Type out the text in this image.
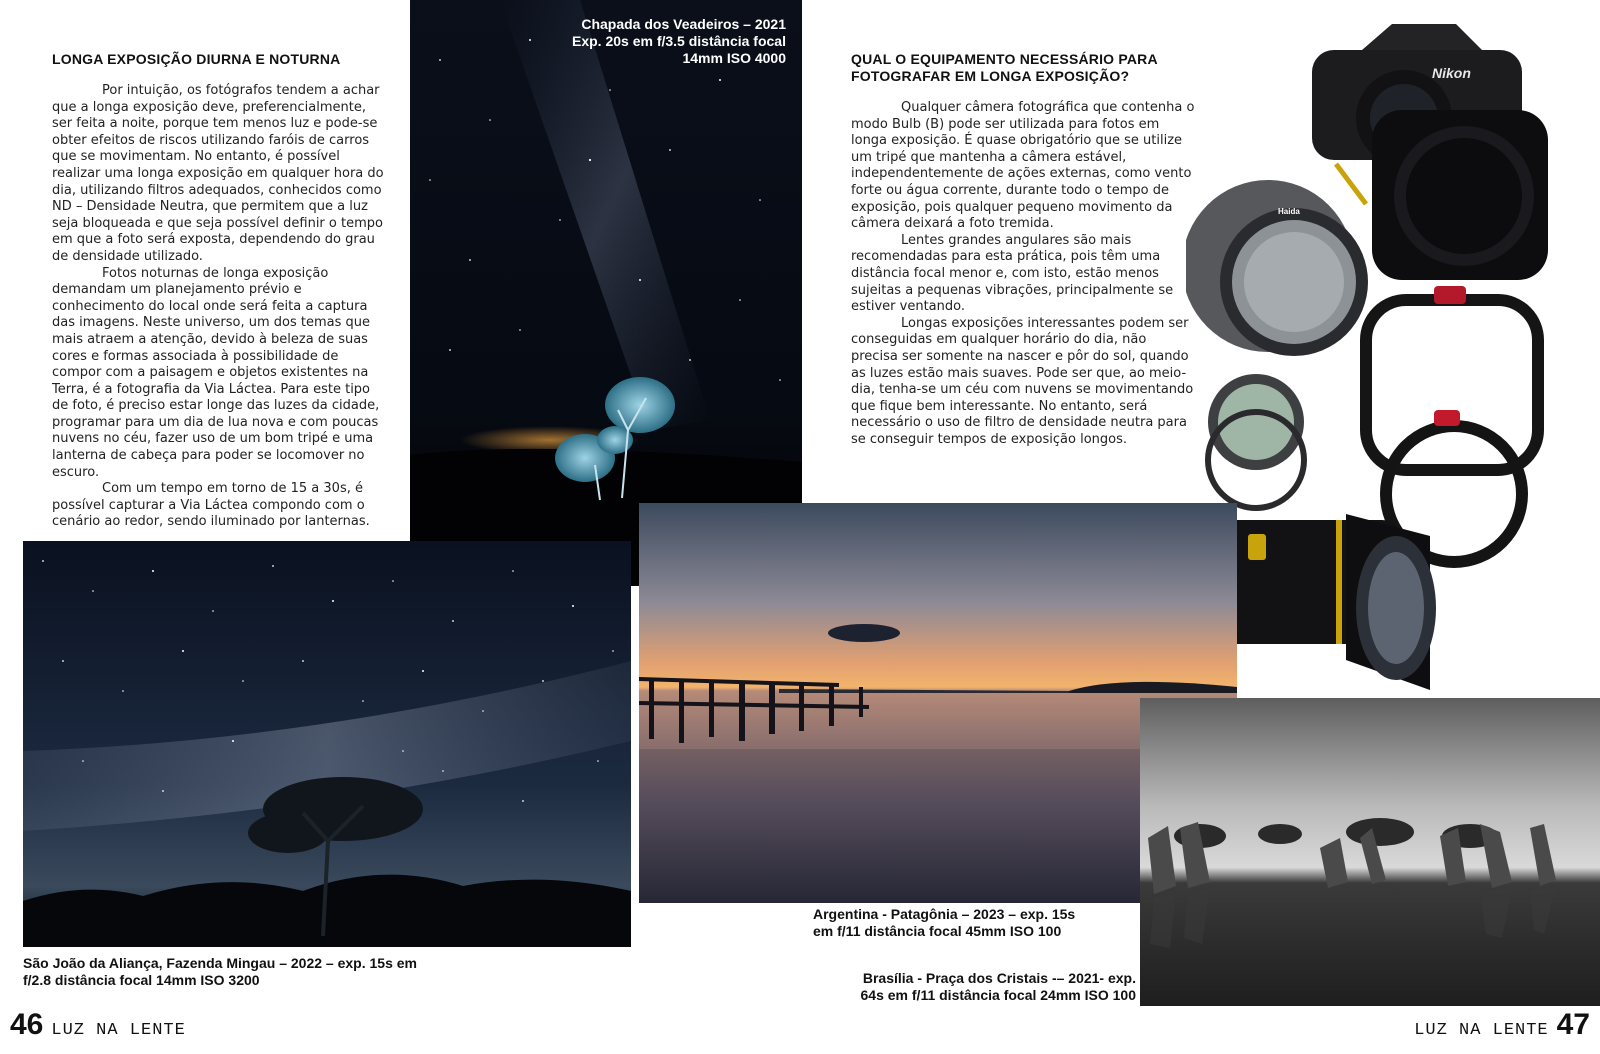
LONGA EXPOSIÇÃO DIURNA E NOTURNA

Por intuição, os fotógrafos tendem a achar que a longa exposição deve, preferencialmente, ser feita a noite, porque tem menos luz e pode-se obter efeitos de riscos utilizando faróis de carros que se movimentam. No entanto, é possível realizar uma longa exposição em qualquer hora do dia, utilizando filtros adequados, conhecidos como ND – Densidade Neutra, que permitem que a luz seja bloqueada e que seja possível definir o tempo em que a foto será exposta, dependendo do grau de densidade utilizado.

Fotos noturnas de longa exposição demandam um planejamento prévio e conhecimento do local onde será feita a captura das imagens. Neste universo, um dos temas que mais atraem a atenção, devido à beleza de suas cores e formas associada à possibilidade de compor com a paisagem e objetos existentes na Terra, é a fotografia da Via Láctea. Para este tipo de foto, é preciso estar longe das luzes da cidade, programar para um dia de lua nova e com poucas nuvens no céu, fazer uso de um bom tripé e uma lanterna de cabeça para poder se locomover no escuro.

Com um tempo em torno de 15 a 30s, é possível capturar a Via Láctea compondo com o cenário ao redor, sendo iluminado por lanternas.

Chapada dos Veadeiros – 2021
Exp. 20s em f/3.5 distância focal
14mm ISO 4000
São João da Aliança, Fazenda Mingau – 2022 – exp. 15s em
f/2.8 distância focal 14mm ISO 3200
46 LUZ NA LENTE
QUAL O EQUIPAMENTO NECESSÁRIO PARA
FOTOGRAFAR EM LONGA EXPOSIÇÃO?

Qualquer câmera fotográfica que contenha o modo Bulb (B) pode ser utilizada para fotos em longa exposição. É quase obrigatório que se utilize um tripé que mantenha a câmera estável, independentemente de ações externas, como vento forte ou água corrente, durante todo o tempo de exposição, pois qualquer pequeno movimento da câmera deixará a foto tremida.

Lentes grandes angulares são mais recomendadas para esta prática, pois têm uma distância focal menor e, com isto, estão menos sujeitas a pequenas vibrações, principalmente se estiver ventando.

Longas exposições interessantes podem ser conseguidas em qualquer horário do dia, não precisa ser somente na nascer e pôr do sol, quando as luzes estão mais suaves. Pode ser que, ao meio-dia, tenha-se um céu com nuvens se movimentando que fique bem interessante. No entanto, será necessário o uso de filtro de densidade neutra para se conseguir tempos de exposição longos.

Nikon
Haida
Argentina - Patagônia – 2023 – exp. 15s
em f/11 distância focal 45mm ISO 100
Brasília - Praça dos Cristais -– 2021- exp.
64s em f/11 distância focal 24mm ISO 100
LUZ NA LENTE 47
